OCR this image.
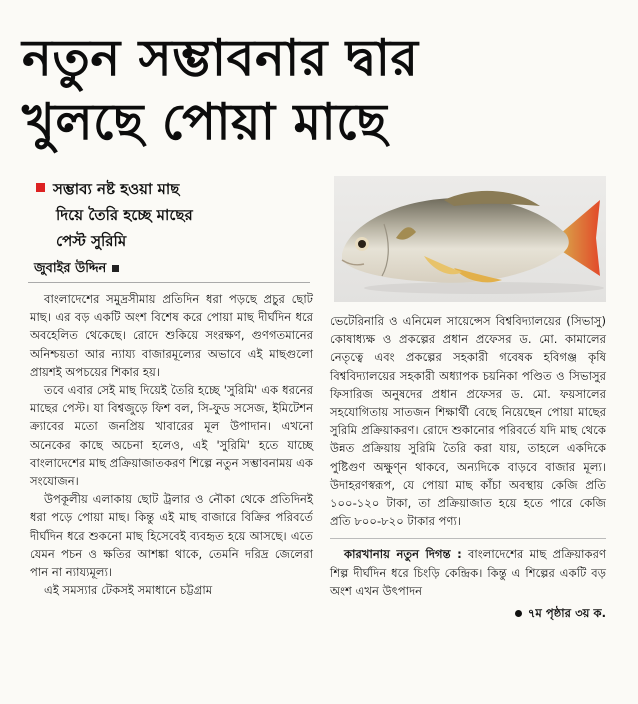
নতুন সম্ভাবনার দ্বার
খুলছে পোয়া মাছে
সম্ভাব্য নষ্ট হওয়া মাছ
দিয়ে তৈরি হচ্ছে মাছের
পেস্ট সুরিমি
জুবাইর উদ্দিন

বাংলাদেশের সমুদ্রসীমায় প্রতিদিন ধরা পড়ছে প্রচুর ছোট মাছ। এর বড় একটি অংশ বিশেষ করে পোয়া মাছ দীর্ঘদিন ধরে অবহেলিত থেকেছে। রোদে শুকিয়ে সংরক্ষণ, গুণগতমানের অনিশ্চয়তা আর ন্যায্য বাজারমূল্যের অভাবে এই মাছগুলো প্রায়শই অপচয়ের শিকার হয়।

তবে এবার সেই মাছ দিয়েই তৈরি হচ্ছে 'সুরিমি' এক ধরনের মাছের পেস্ট। যা বিশ্বজুড়ে ফিশ বল, সি-ফুড সসেজ, ইমিটেশন ক্র্যাবের মতো জনপ্রিয় খাবারের মূল উপাদান। এখনো অনেকের কাছে অচেনা হলেও, এই 'সুরিমি' হতে যাচ্ছে বাংলাদেশের মাছ প্রক্রিয়াজাতকরণ শিল্পে নতুন সম্ভাবনাময় এক সংযোজন।

উপকূলীয় এলাকায় ছোট ট্রলার ও নৌকা থেকে প্রতিদিনই ধরা পড়ে পোয়া মাছ। কিন্তু এই মাছ বাজারে বিক্রির পরিবর্তে দীর্ঘদিন ধরে শুকনো মাছ হিসেবেই ব্যবহৃত হয়ে আসছে। এতে যেমন পচন ও ক্ষতির আশঙ্কা থাকে, তেমনি দরিদ্র জেলেরা পান না ন্যায্যমূল্য।

এই সমস্যার টেকসই সমাধানে চট্টগ্রাম

ভেটেরিনারি ও এনিমেল সায়েন্সেস বিশ্ববিদ্যালয়ের (সিভাসু) কোষাধ্যক্ষ ও প্রকল্পের প্রধান প্রফেসর ড. মো. কামালের নেতৃত্বে এবং প্রকল্পের সহকারী গবেষক হবিগঞ্জ কৃষি বিশ্ববিদ্যালয়ের সহকারী অধ্যাপক চয়নিকা পণ্ডিত ও সিভাসুর ফিসারিজ অনুষদের প্রধান প্রফেসর ড. মো. ফয়সালের সহযোগিতায় সাতজন শিক্ষার্থী বেছে নিয়েছেন পোয়া মাছের সুরিমি প্রক্রিয়াকরণ। রোদে শুকানোর পরিবর্তে যদি মাছ থেকে উন্নত প্রক্রিয়ায় সুরিমি তৈরি করা যায়, তাহলে একদিকে পুষ্টিগুণ অক্ষুণ্ন থাকবে, অন্যদিকে বাড়বে বাজার মূল্য। উদাহরণস্বরূপ, যে পোয়া মাছ কাঁচা অবস্থায় কেজি প্রতি ১০০-১২০ টাকা, তা প্রক্রিয়াজাত হয়ে হতে পারে কেজি প্রতি ৮০০-৮২০ টাকার পণ্য।

কারখানায় নতুন দিগন্ত : বাংলাদেশের মাছ প্রক্রিয়াকরণ শিল্প দীর্ঘদিন ধরে চিংড়ি কেন্দ্রিক। কিন্তু এ শিল্পের একটি বড় অংশ এখন উৎপাদন

৭ম পৃষ্ঠার ৩য় ক.
